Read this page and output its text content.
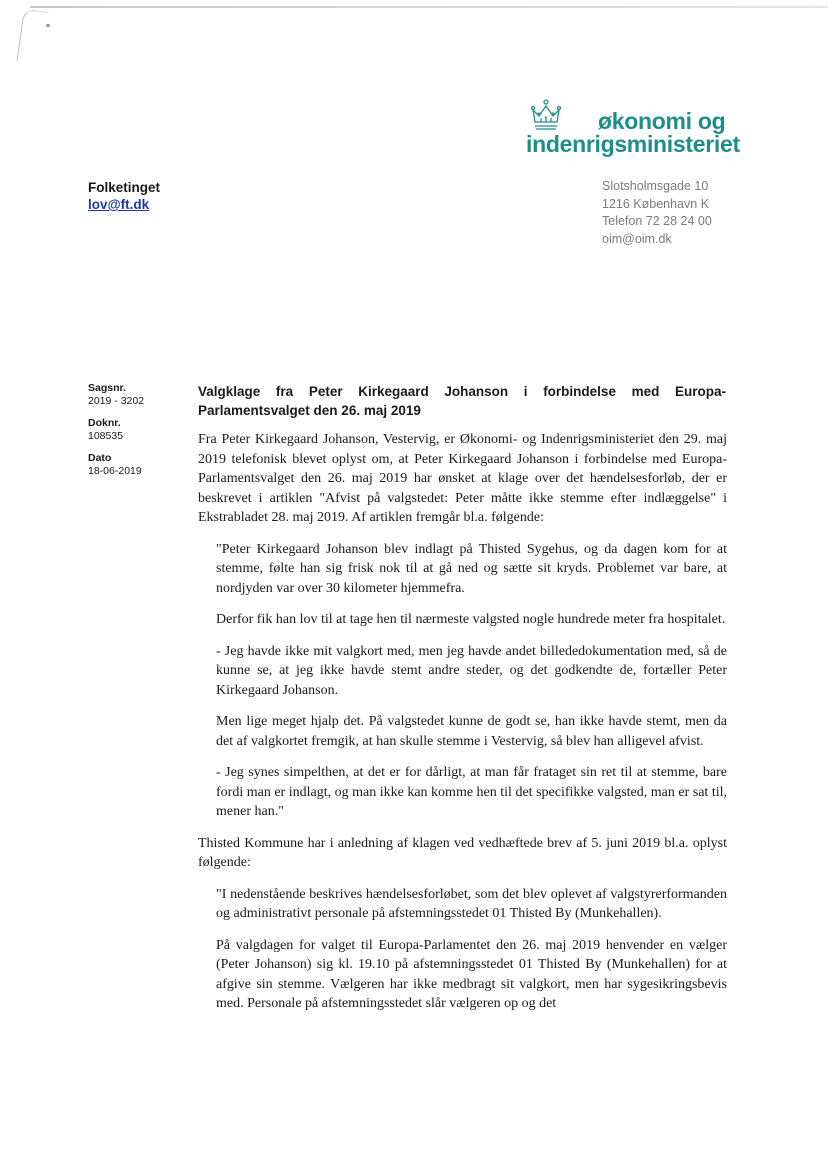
økonomi og
indenrigsministeriet
Folketinget
lov@ft.dk
Slotsholmsgade 10
1216 København K
Telefon 72 28 24 00
oim@oim.dk
Sagsnr.
2019 - 3202
Doknr.
108535
Dato
18-06-2019
Valgklage fra Peter Kirkegaard Johanson i forbindelse med Europa-Parlamentsvalget den 26. maj 2019

Fra Peter Kirkegaard Johanson, Vestervig, er Økonomi- og Indenrigsministeriet den 29. maj 2019 telefonisk blevet oplyst om, at Peter Kirkegaard Johanson i forbindelse med Europa-Parlamentsvalget den 26. maj 2019 har ønsket at klage over det hændelsesforløb, der er beskrevet i artiklen "Afvist på valgstedet: Peter måtte ikke stemme efter indlæggelse" i Ekstrabladet 28. maj 2019. Af artiklen fremgår bl.a. følgende:

"Peter Kirkegaard Johanson blev indlagt på Thisted Sygehus, og da dagen kom for at stemme, følte han sig frisk nok til at gå ned og sætte sit kryds. Problemet var bare, at nordjyden var over 30 kilometer hjemmefra.

Derfor fik han lov til at tage hen til nærmeste valgsted nogle hundrede meter fra hospitalet.

- Jeg havde ikke mit valgkort med, men jeg havde andet billededokumentation med, så de kunne se, at jeg ikke havde stemt andre steder, og det godkendte de, fortæller Peter Kirkegaard Johanson.

Men lige meget hjalp det. På valgstedet kunne de godt se, han ikke havde stemt, men da det af valgkortet fremgik, at han skulle stemme i Vestervig, så blev han alligevel afvist.

- Jeg synes simpelthen, at det er for dårligt, at man får frataget sin ret til at stemme, bare fordi man er indlagt, og man ikke kan komme hen til det specifikke valgsted, man er sat til, mener han."

Thisted Kommune har i anledning af klagen ved vedhæftede brev af 5. juni 2019 bl.a. oplyst følgende:

"I nedenstående beskrives hændelsesforløbet, som det blev oplevet af valgstyrerformanden og administrativt personale på afstemningsstedet 01 Thisted By (Munkehallen).

På valgdagen for valget til Europa-Parlamentet den 26. maj 2019 henvender en vælger (Peter Johanson) sig kl. 19.10 på afstemningsstedet 01 Thisted By (Munkehallen) for at afgive sin stemme. Vælgeren har ikke medbragt sit valgkort, men har sygesikringsbevis med. Personale på afstemningsstedet slår vælgeren op og det
